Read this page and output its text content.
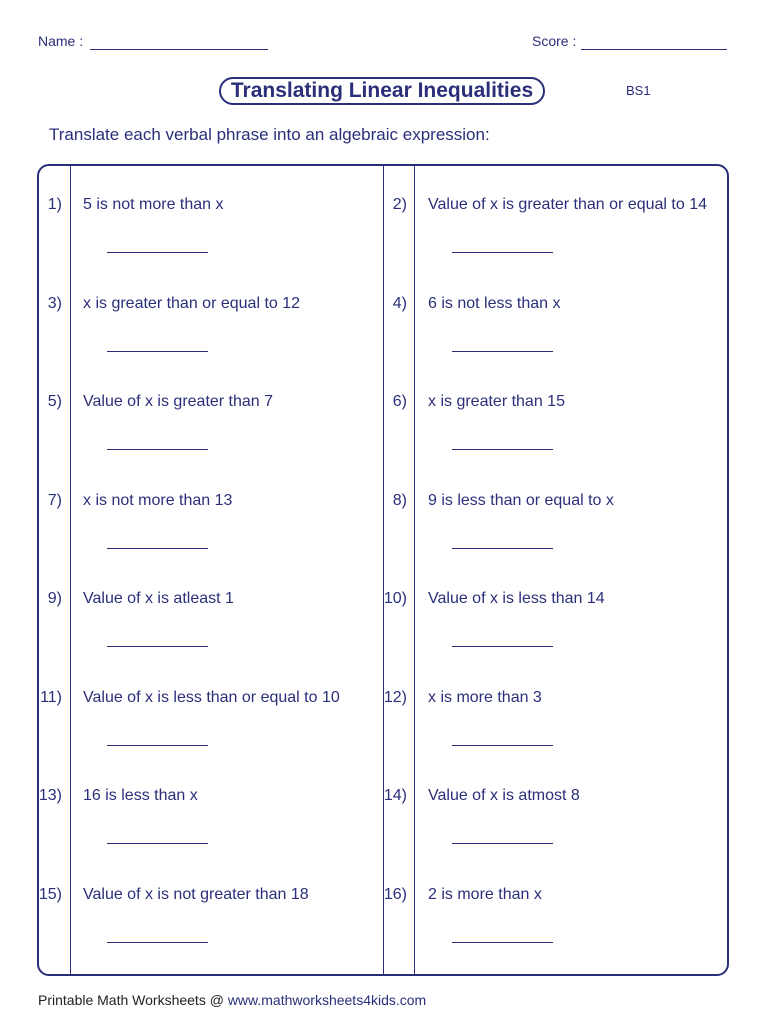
Name :	Score :
Translating Linear Inequalities	BS1
Translate each verbal phrase into an algebraic expression:
1) 5 is not more than x	2) Value of x is greater than or equal to 14
3) x is greater than or equal to 12	4) 6 is not less than x
5) Value of x is greater than 7	6) x is greater than 15
7) x is not more than 13	8) 9 is less than or equal to x
9) Value of x is atleast 1	10) Value of x is less than 14
11) Value of x is less than or equal to 10	12) x is more than 3
13) 16 is less than x	14) Value of x is atmost 8
15) Value of x is not greater than 18	16) 2 is more than x
Printable Math Worksheets @ www.mathworksheets4kids.com
